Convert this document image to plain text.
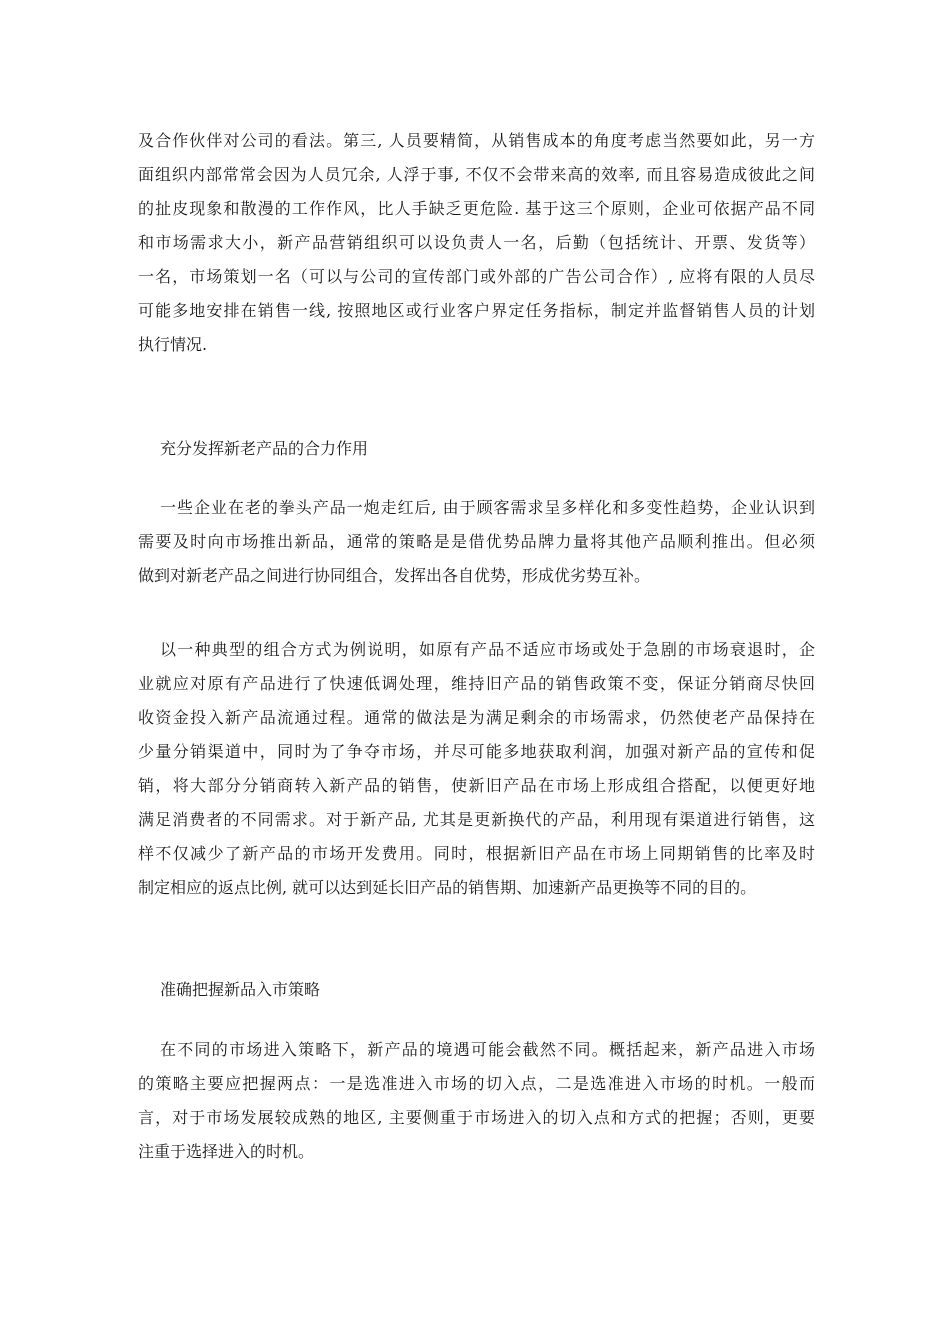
及合作伙伴对公司的看法。第三, 人员要精简，从销售成本的角度考虑当然要如此，另一方
面组织内部常常会因为人员冗余, 人浮于事, 不仅不会带来高的效率, 而且容易造成彼此之间
的扯皮现象和散漫的工作作风，比人手缺乏更危险. 基于这三个原则，企业可依据产品不同
和市场需求大小，新产品营销组织可以设负责人一名，后勤（包括统计、开票、发货等）
一名，市场策划一名（可以与公司的宣传部门或外部的广告公司合作）, 应将有限的人员尽
可能多地安排在销售一线, 按照地区或行业客户界定任务指标，制定并监督销售人员的计划
执行情况.

充分发挥新老产品的合力作用

一些企业在老的拳头产品一炮走红后, 由于顾客需求呈多样化和多变性趋势，企业认识到
需要及时向市场推出新品，通常的策略是是借优势品牌力量将其他产品顺利推出。但必须
做到对新老产品之间进行协同组合，发挥出各自优势，形成优劣势互补。
以一种典型的组合方式为例说明，如原有产品不适应市场或处于急剧的市场衰退时，企
业就应对原有产品进行了快速低调处理，维持旧产品的销售政策不变，保证分销商尽快回
收资金投入新产品流通过程。通常的做法是为满足剩余的市场需求，仍然使老产品保持在
少量分销渠道中，同时为了争夺市场，并尽可能多地获取利润，加强对新产品的宣传和促
销，将大部分分销商转入新产品的销售，使新旧产品在市场上形成组合搭配，以便更好地
满足消费者的不同需求。对于新产品, 尤其是更新换代的产品，利用现有渠道进行销售，这
样不仅减少了新产品的市场开发费用。同时，根据新旧产品在市场上同期销售的比率及时
制定相应的返点比例, 就可以达到延长旧产品的销售期、加速新产品更换等不同的目的。

准确把握新品入市策略

在不同的市场进入策略下，新产品的境遇可能会截然不同。概括起来，新产品进入市场
的策略主要应把握两点：一是选准进入市场的切入点，二是选准进入市场的时机。一般而
言，对于市场发展较成熟的地区, 主要侧重于市场进入的切入点和方式的把握；否则，更要
注重于选择进入的时机。
